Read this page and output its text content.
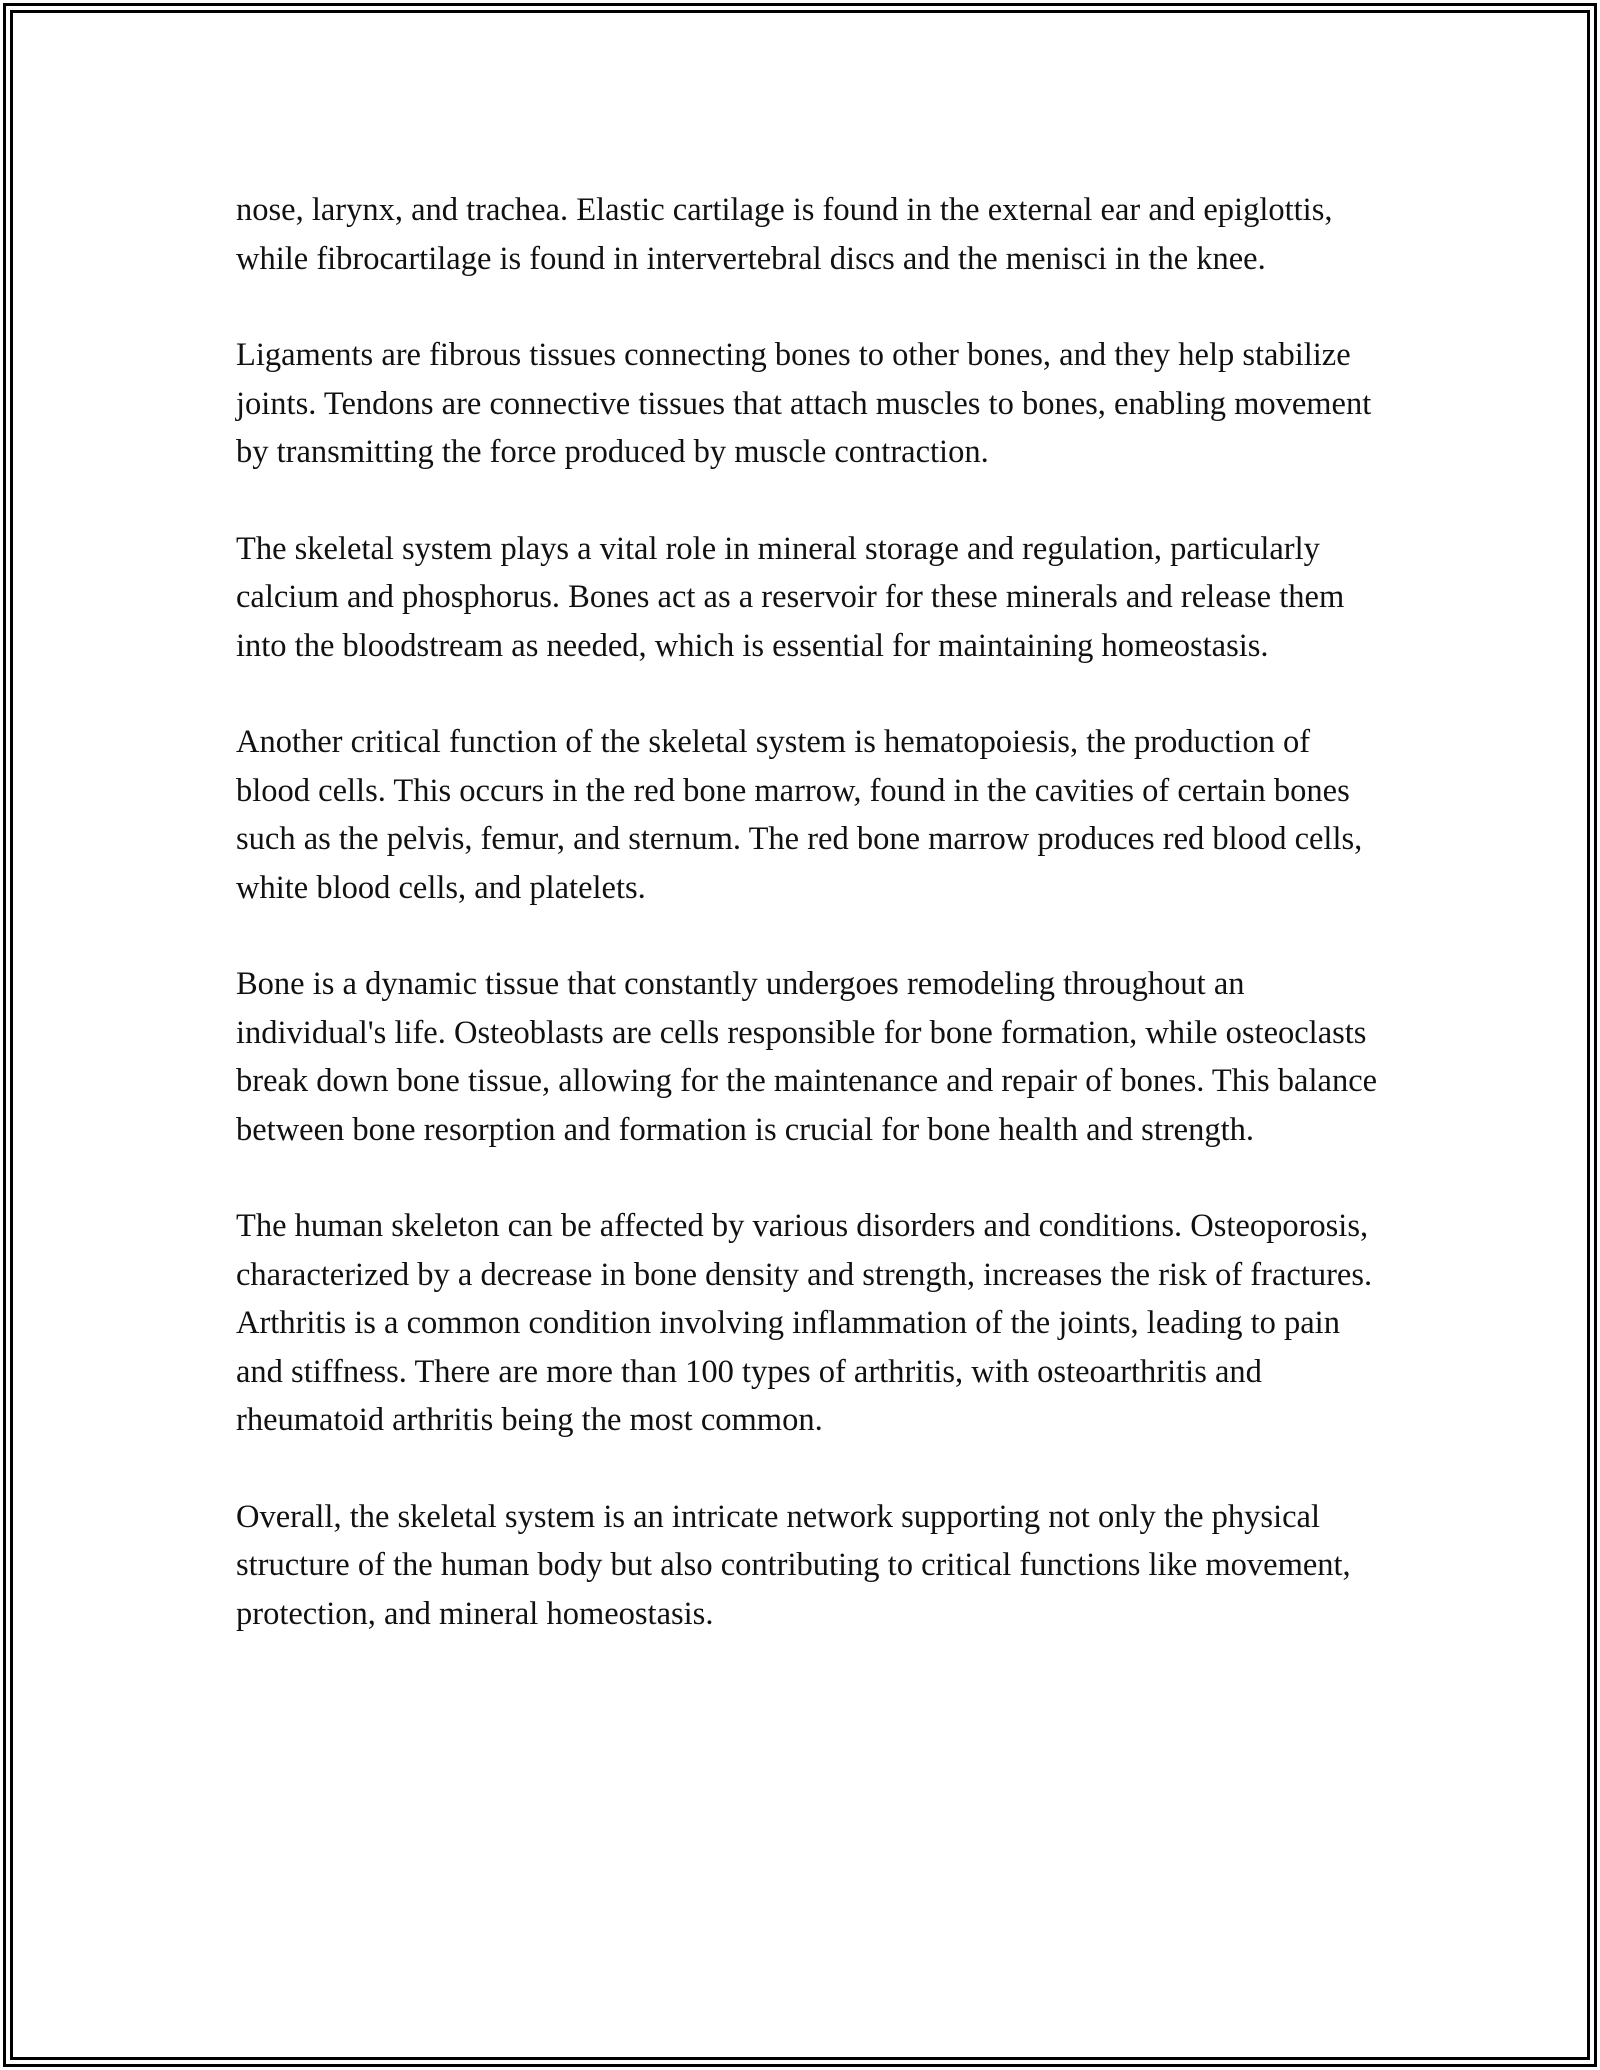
nose, larynx, and trachea. Elastic cartilage is found in the external ear and epiglottis, while fibrocartilage is found in intervertebral discs and the menisci in the knee.

Ligaments are fibrous tissues connecting bones to other bones, and they help stabilize joints. Tendons are connective tissues that attach muscles to bones, enabling movement by transmitting the force produced by muscle contraction.

The skeletal system plays a vital role in mineral storage and regulation, particularly calcium and phosphorus. Bones act as a reservoir for these minerals and release them into the bloodstream as needed, which is essential for maintaining homeostasis.

Another critical function of the skeletal system is hematopoiesis, the production of blood cells. This occurs in the red bone marrow, found in the cavities of certain bones such as the pelvis, femur, and sternum. The red bone marrow produces red blood cells, white blood cells, and platelets.

Bone is a dynamic tissue that constantly undergoes remodeling throughout an individual's life. Osteoblasts are cells responsible for bone formation, while osteoclasts break down bone tissue, allowing for the maintenance and repair of bones. This balance between bone resorption and formation is crucial for bone health and strength.

The human skeleton can be affected by various disorders and conditions. Osteoporosis, characterized by a decrease in bone density and strength, increases the risk of fractures. Arthritis is a common condition involving inflammation of the joints, leading to pain and stiffness. There are more than 100 types of arthritis, with osteoarthritis and rheumatoid arthritis being the most common.

Overall, the skeletal system is an intricate network supporting not only the physical structure of the human body but also contributing to critical functions like movement, protection, and mineral homeostasis.
